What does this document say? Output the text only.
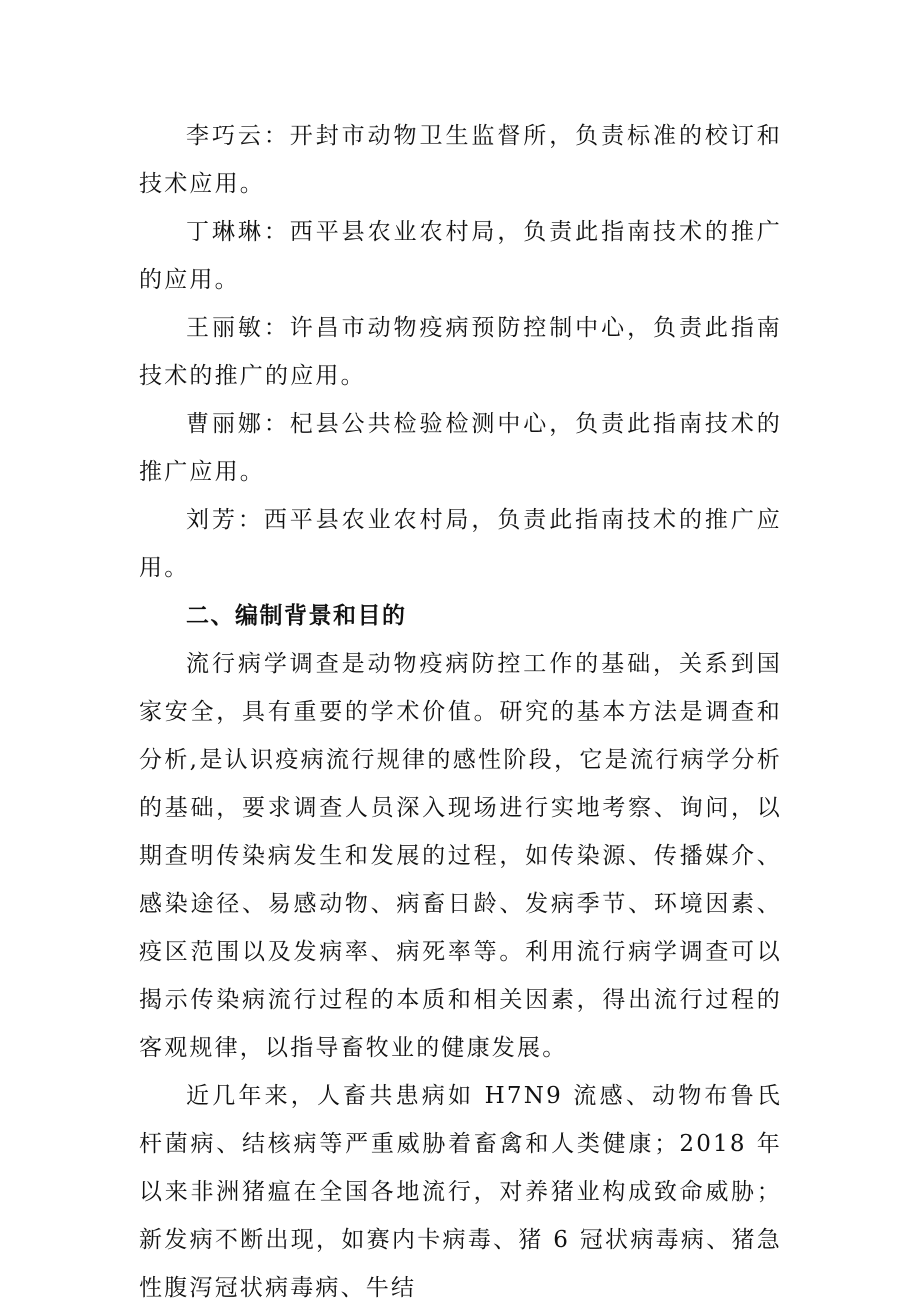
李巧云：开封市动物卫生监督所，负责标准的校订和技术应用。

丁琳琳：西平县农业农村局，负责此指南技术的推广的应用。

王丽敏：许昌市动物疫病预防控制中心，负责此指南技术的推广的应用。

曹丽娜：杞县公共检验检测中心，负责此指南技术的推广应用。

刘芳：西平县农业农村局，负责此指南技术的推广应用。

二、编制背景和目的

流行病学调查是动物疫病防控工作的基础，关系到国家安全，具有重要的学术价值。研究的基本方法是调查和分析,是认识疫病流行规律的感性阶段，它是流行病学分析的基础，要求调查人员深入现场进行实地考察、询问，以期查明传染病发生和发展的过程，如传染源、传播媒介、感染途径、易感动物、病畜日龄、发病季节、环境因素、疫区范围以及发病率、病死率等。利用流行病学调查可以揭示传染病流行过程的本质和相关因素，得出流行过程的客观规律，以指导畜牧业的健康发展。

近几年来，人畜共患病如 H7N9 流感、动物布鲁氏杆菌病、结核病等严重威胁着畜禽和人类健康；2018 年以来非洲猪瘟在全国各地流行，对养猪业构成致命威胁；新发病不断出现，如赛内卡病毒、猪 6 冠状病毒病、猪急性腹泻冠状病毒病、牛结
